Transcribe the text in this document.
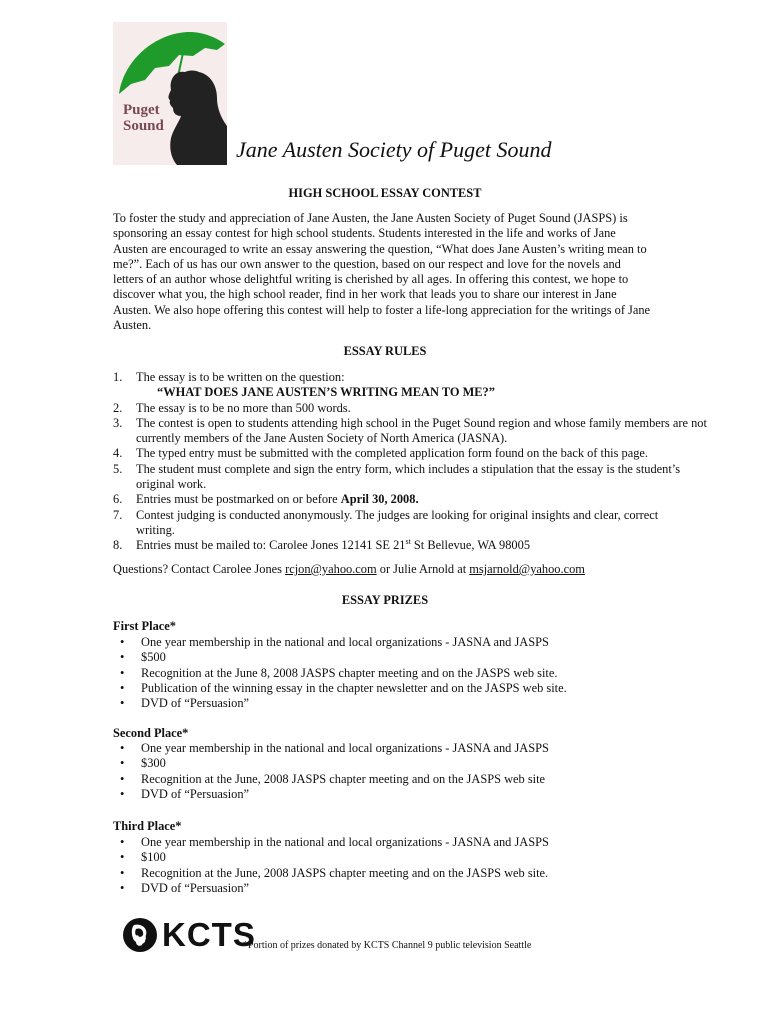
Puget
Sound
Jane Austen Society of Puget Sound
HIGH SCHOOL ESSAY CONTEST
To foster the study and appreciation of Jane Austen, the Jane Austen Society of Puget Sound (JASPS) is sponsoring an essay contest for high school students. Students interested in the life and works of Jane Austen are encouraged to write an essay answering the question, “What does Jane Austen’s writing mean to me?”. Each of us has our own answer to the question, based on our respect and love for the novels and letters of an author whose delightful writing is cherished by all ages. In offering this contest, we hope to discover what you, the high school reader, find in her work that leads you to share our interest in Jane Austen. We also hope offering this contest will help to foster a life-long appreciation for the writings of Jane Austen.
ESSAY RULES
1. The essay is to be written on the question:
“WHAT DOES JANE AUSTEN’S WRITING MEAN TO ME?”
2. The essay is to be no more than 500 words.
3. The contest is open to students attending high school in the Puget Sound region and whose family members are not currently members of the Jane Austen Society of North America (JASNA).
4. The typed entry must be submitted with the completed application form found on the back of this page.
5. The student must complete and sign the entry form, which includes a stipulation that the essay is the student’s original work.
6. Entries must be postmarked on or before April 30, 2008.
7. Contest judging is conducted anonymously. The judges are looking for original insights and clear, correct writing.
8. Entries must be mailed to: Carolee Jones 12141 SE 21st St Bellevue, WA 98005
Questions? Contact Carolee Jones rcjon@yahoo.com or Julie Arnold at msjarnold@yahoo.com
ESSAY PRIZES
First Place*
• One year membership in the national and local organizations - JASNA and JASPS
• $500
• Recognition at the June 8, 2008 JASPS chapter meeting and on the JASPS web site.
• Publication of the winning essay in the chapter newsletter and on the JASPS web site.
• DVD of “Persuasion”
Second Place*
• One year membership in the national and local organizations - JASNA and JASPS
• $300
• Recognition at the June, 2008 JASPS chapter meeting and on the JASPS web site
• DVD of “Persuasion”
Third Place*
• One year membership in the national and local organizations - JASNA and JASPS
• $100
• Recognition at the June, 2008 JASPS chapter meeting and on the JASPS web site.
• DVD of “Persuasion”
KCTS
*Portion of prizes donated by KCTS Channel 9 public television Seattle
